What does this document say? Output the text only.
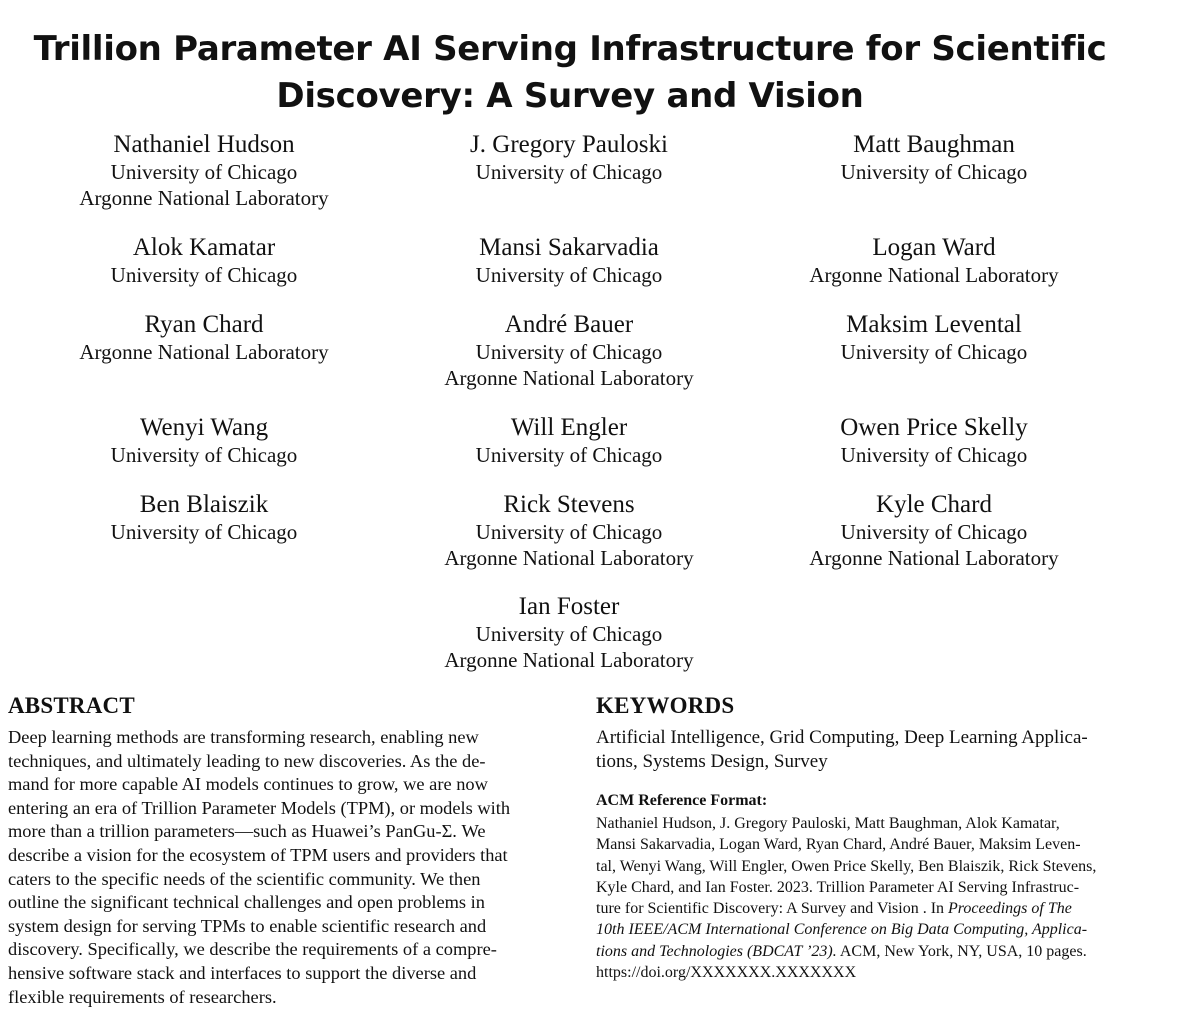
Trillion Parameter AI Serving Infrastructure for Scientific
Discovery: A Survey and Vision
Nathaniel Hudson
University of Chicago
Argonne National Laboratory
J. Gregory Pauloski
University of Chicago
Matt Baughman
University of Chicago
Alok Kamatar
University of Chicago
Mansi Sakarvadia
University of Chicago
Logan Ward
Argonne National Laboratory
Ryan Chard
Argonne National Laboratory
André Bauer
University of Chicago
Argonne National Laboratory
Maksim Levental
University of Chicago
Wenyi Wang
University of Chicago
Will Engler
University of Chicago
Owen Price Skelly
University of Chicago
Ben Blaiszik
University of Chicago
Rick Stevens
University of Chicago
Argonne National Laboratory
Kyle Chard
University of Chicago
Argonne National Laboratory
Ian Foster
University of Chicago
Argonne National Laboratory
ABSTRACT
Deep learning methods are transforming research, enabling new
techniques, and ultimately leading to new discoveries. As the de-
mand for more capable AI models continues to grow, we are now
entering an era of Trillion Parameter Models (TPM), or models with
more than a trillion parameters—such as Huawei’s PanGu-Σ. We
describe a vision for the ecosystem of TPM users and providers that
caters to the specific needs of the scientific community. We then
outline the significant technical challenges and open problems in
system design for serving TPMs to enable scientific research and
discovery. Specifically, we describe the requirements of a compre-
hensive software stack and interfaces to support the diverse and
flexible requirements of researchers.
KEYWORDS
Artificial Intelligence, Grid Computing, Deep Learning Applica-
tions, Systems Design, Survey
ACM Reference Format:
Nathaniel Hudson, J. Gregory Pauloski, Matt Baughman, Alok Kamatar,
Mansi Sakarvadia, Logan Ward, Ryan Chard, André Bauer, Maksim Leven-
tal, Wenyi Wang, Will Engler, Owen Price Skelly, Ben Blaiszik, Rick Stevens,
Kyle Chard, and Ian Foster. 2023. Trillion Parameter AI Serving Infrastruc-
ture for Scientific Discovery: A Survey and Vision . In Proceedings of The
10th IEEE/ACM International Conference on Big Data Computing, Applica-
tions and Technologies (BDCAT ’23). ACM, New York, NY, USA, 10 pages.
https://doi.org/XXXXXXX.XXXXXXX
